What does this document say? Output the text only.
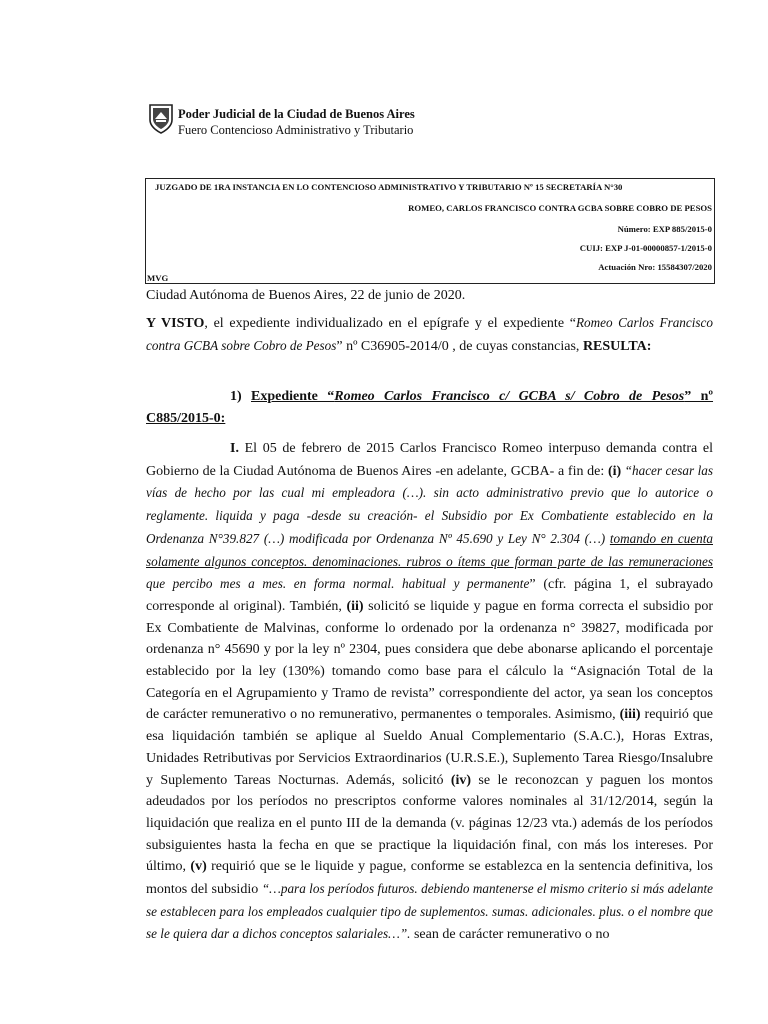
Poder Judicial de la Ciudad de Buenos Aires
Fuero Contencioso Administrativo y Tributario
JUZGADO DE 1RA INSTANCIA EN LO CONTENCIOSO ADMINISTRATIVO Y TRIBUTARIO Nº 15 SECRETARÍA N°30
ROMEO, CARLOS FRANCISCO CONTRA GCBA SOBRE COBRO DE PESOS
Número: EXP 885/2015-0
CUIJ: EXP J-01-00000857-1/2015-0
Actuación Nro: 15584307/2020
MVG
Ciudad Autónoma de Buenos Aires, 22 de junio de 2020.
Y VISTO, el expediente individualizado en el epígrafe y el expediente “Romeo Carlos Francisco contra GCBA sobre Cobro de Pesos” nº C36905-2014/0 , de cuyas constancias, RESULTA:
1) Expediente “Romeo Carlos Francisco c/ GCBA s/ Cobro de Pesos” nº C885/2015-0:
I. El 05 de febrero de 2015 Carlos Francisco Romeo interpuso demanda contra el Gobierno de la Ciudad Autónoma de Buenos Aires -en adelante, GCBA- a fin de: (i) “hacer cesar las vías de hecho por las cual mi empleadora (…). sin acto administrativo previo que lo autorice o reglamente. liquida y paga -desde su creación- el Subsidio por Ex Combatiente establecido en la Ordenanza N°39.827 (…) modificada por Ordenanza Nº 45.690 y Ley N° 2.304 (…) tomando en cuenta solamente algunos conceptos. denominaciones. rubros o ítems que forman parte de las remuneraciones que percibo mes a mes. en forma normal. habitual y permanente” (cfr. página 1, el subrayado corresponde al original). También, (ii) solicitó se liquide y pague en forma correcta el subsidio por Ex Combatiente de Malvinas, conforme lo ordenado por la ordenanza n° 39827, modificada por ordenanza n° 45690 y por la ley nº 2304, pues considera que debe abonarse aplicando el porcentaje establecido por la ley (130%) tomando como base para el cálculo la “Asignación Total de la Categoría en el Agrupamiento y Tramo de revista” correspondiente del actor, ya sean los conceptos de carácter remunerativo o no remunerativo, permanentes o temporales. Asimismo, (iii) requirió que esa liquidación también se aplique al Sueldo Anual Complementario (S.A.C.), Horas Extras, Unidades Retributivas por Servicios Extraordinarios (U.R.S.E.), Suplemento Tarea Riesgo/Insalubre y Suplemento Tareas Nocturnas. Además, solicitó (iv) se le reconozcan y paguen los montos adeudados por los períodos no prescriptos conforme valores nominales al 31/12/2014, según la liquidación que realiza en el punto III de la demanda (v. páginas 12/23 vta.) además de los períodos subsiguientes hasta la fecha en que se practique la liquidación final, con más los intereses. Por último, (v) requirió que se le liquide y pague, conforme se establezca en la sentencia definitiva, los montos del subsidio “…para los períodos futuros. debiendo mantenerse el mismo criterio si más adelante se establecen para los empleados cualquier tipo de suplementos. sumas. adicionales. plus. o el nombre que se le quiera dar a dichos conceptos salariales…”. sean de carácter remunerativo o no
